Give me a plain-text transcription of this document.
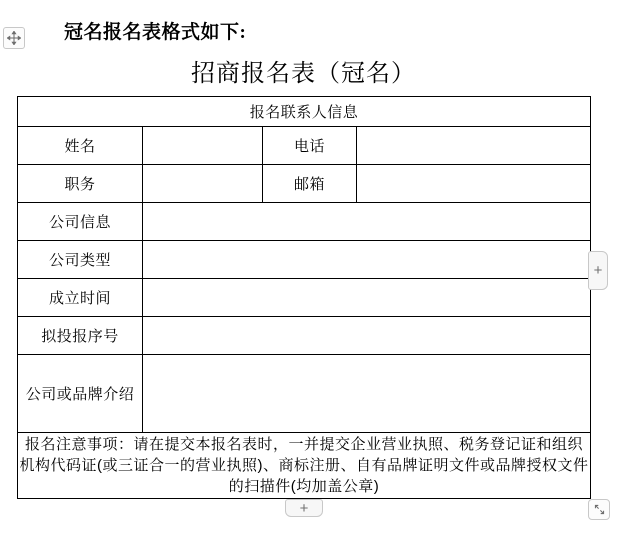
冠名报名表格式如下:
招商报名表（冠名）
报名联系人信息			
姓名		电话	
职务		邮箱	
公司信息			
公司类型			
成立时间			
拟投报序号			
公司或品牌介绍			
报名注意事项：请在提交本报名表时，一并提交企业营业执照、税务登记证和组织机构代码证(或三证合一的营业执照)、商标注册、自有品牌证明文件或品牌授权文件的扫描件(均加盖公章)			
+
+
